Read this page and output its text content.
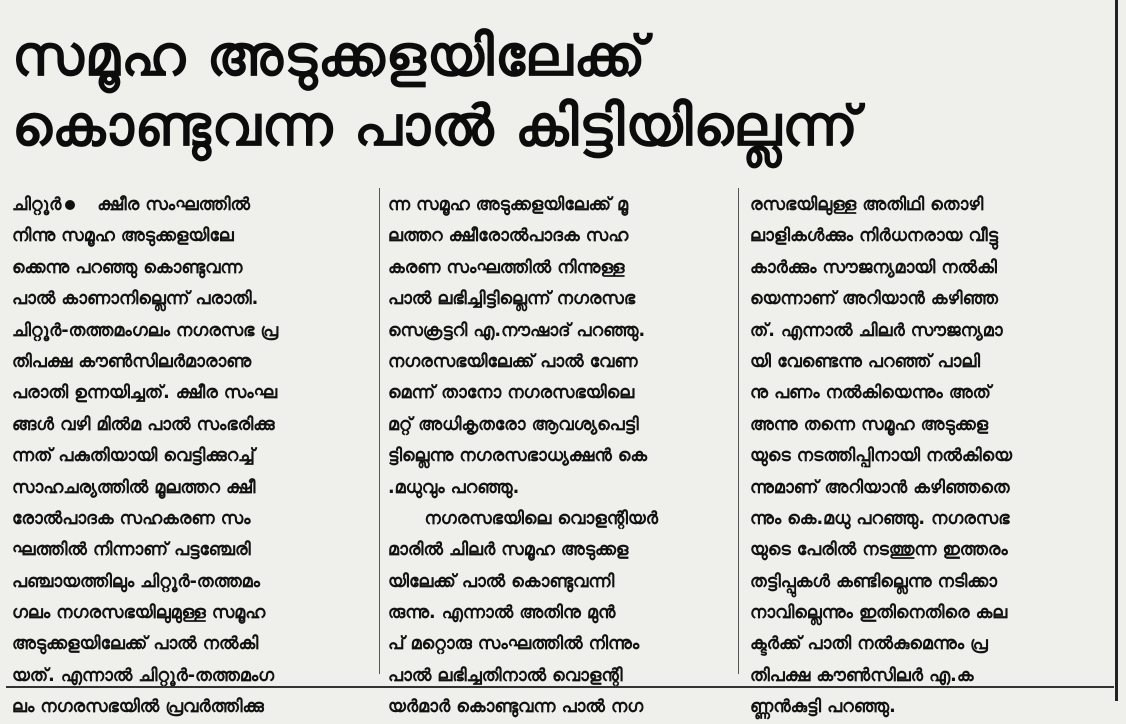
സമൂഹ അടുക്കളയിലേക്ക്
കൊണ്ടുവന്ന പാൽ കിട്ടിയില്ലെന്ന്
ചിറ്റൂർ ക്ഷീര സംഘത്തിൽ
നിന്നു സമൂഹ അടുക്കളയിലേ
ക്കെന്നു പറഞ്ഞു കൊണ്ടുവന്ന
പാൽ കാണാനില്ലെന്ന് പരാതി.
ചിറ്റൂർ-തത്തമംഗലം നഗരസഭ പ്ര
തിപക്ഷ കൗൺസിലർമാരാണു
പരാതി ഉന്നയിച്ചത്. ക്ഷീര സംഘ
ങ്ങൾ വഴി മിൽമ പാൽ സംഭരിക്കു
ന്നത് പകുതിയായി വെട്ടിക്കുറച്ച്
സാഹചര്യത്തിൽ മൂലത്തറ ക്ഷീ
രോൽപാദക സഹകരണ സം
ഘത്തിൽ നിന്നാണ് പട്ടഞ്ചേരി
പഞ്ചായത്തിലും ചിറ്റൂർ-തത്തമം
ഗലം നഗരസഭയിലുമുള്ള സമൂഹ
അടുക്കളയിലേക്ക് പാൽ നൽകി
യത്. എന്നാൽ ചിറ്റൂർ-തത്തമംഗ
ലം നഗരസഭയിൽ പ്രവർത്തിക്കു
ന്ന സമൂഹ അടുക്കളയിലേക്ക് മൂ
ലത്തറ ക്ഷീരോൽപാദക സഹ
കരണ സംഘത്തിൽ നിന്നുള്ള
പാൽ ലഭിച്ചിട്ടില്ലെന്ന് നഗരസഭ
സെക്രട്ടറി എ.നൗഷാദ് പറഞ്ഞു.
നഗരസഭയിലേക്ക് പാൽ വേണ
മെന്ന് താനോ നഗരസഭയിലെ
മറ്റ് അധികൃതരോ ആവശ്യപെട്ടി
ട്ടില്ലെന്നു നഗരസഭാധ്യക്ഷൻ കെ
.മധുവും പറഞ്ഞു.
നഗരസഭയിലെ വൊളന്റിയർ
മാരിൽ ചിലർ സമൂഹ അടുക്കള
യിലേക്ക് പാൽ കൊണ്ടുവന്നി
രുന്നു. എന്നാൽ അതിനു മുൻ
പ് മറ്റൊരു സംഘത്തിൽ നിന്നും
പാൽ ലഭിച്ചതിനാൽ വൊളന്റി
യർമാർ കൊണ്ടുവന്ന പാൽ നഗ
രസഭയിലുള്ള അതിഥി തൊഴി
ലാളികൾക്കും നിർധനരായ വീട്ടു
കാർക്കും സൗജന്യമായി നൽകി
യെന്നാണ് അറിയാൻ കഴിഞ്ഞ
ത്. എന്നാൽ ചിലർ സൗജന്യമാ
യി വേണ്ടെന്നു പറഞ്ഞ് പാലി
നു പണം നൽകിയെന്നും അത്
അന്നു തന്നെ സമൂഹ അടുക്കള
യുടെ നടത്തിപ്പിനായി നൽകിയെ
ന്നുമാണ് അറിയാൻ കഴിഞ്ഞതെ
ന്നും കെ.മധു പറഞ്ഞു. നഗരസഭ
യുടെ പേരിൽ നടത്തുന്ന ഇത്തരം
തട്ടിപ്പുകൾ കണ്ടില്ലെന്നു നടിക്കാ
നാവില്ലെന്നും ഇതിനെതിരെ കല
ക്ടർക്ക് പാതി നൽകുമെന്നും പ്ര
തിപക്ഷ കൗൺസിലർ എ.ക
ണ്ണൻകുട്ടി പറഞ്ഞു.
